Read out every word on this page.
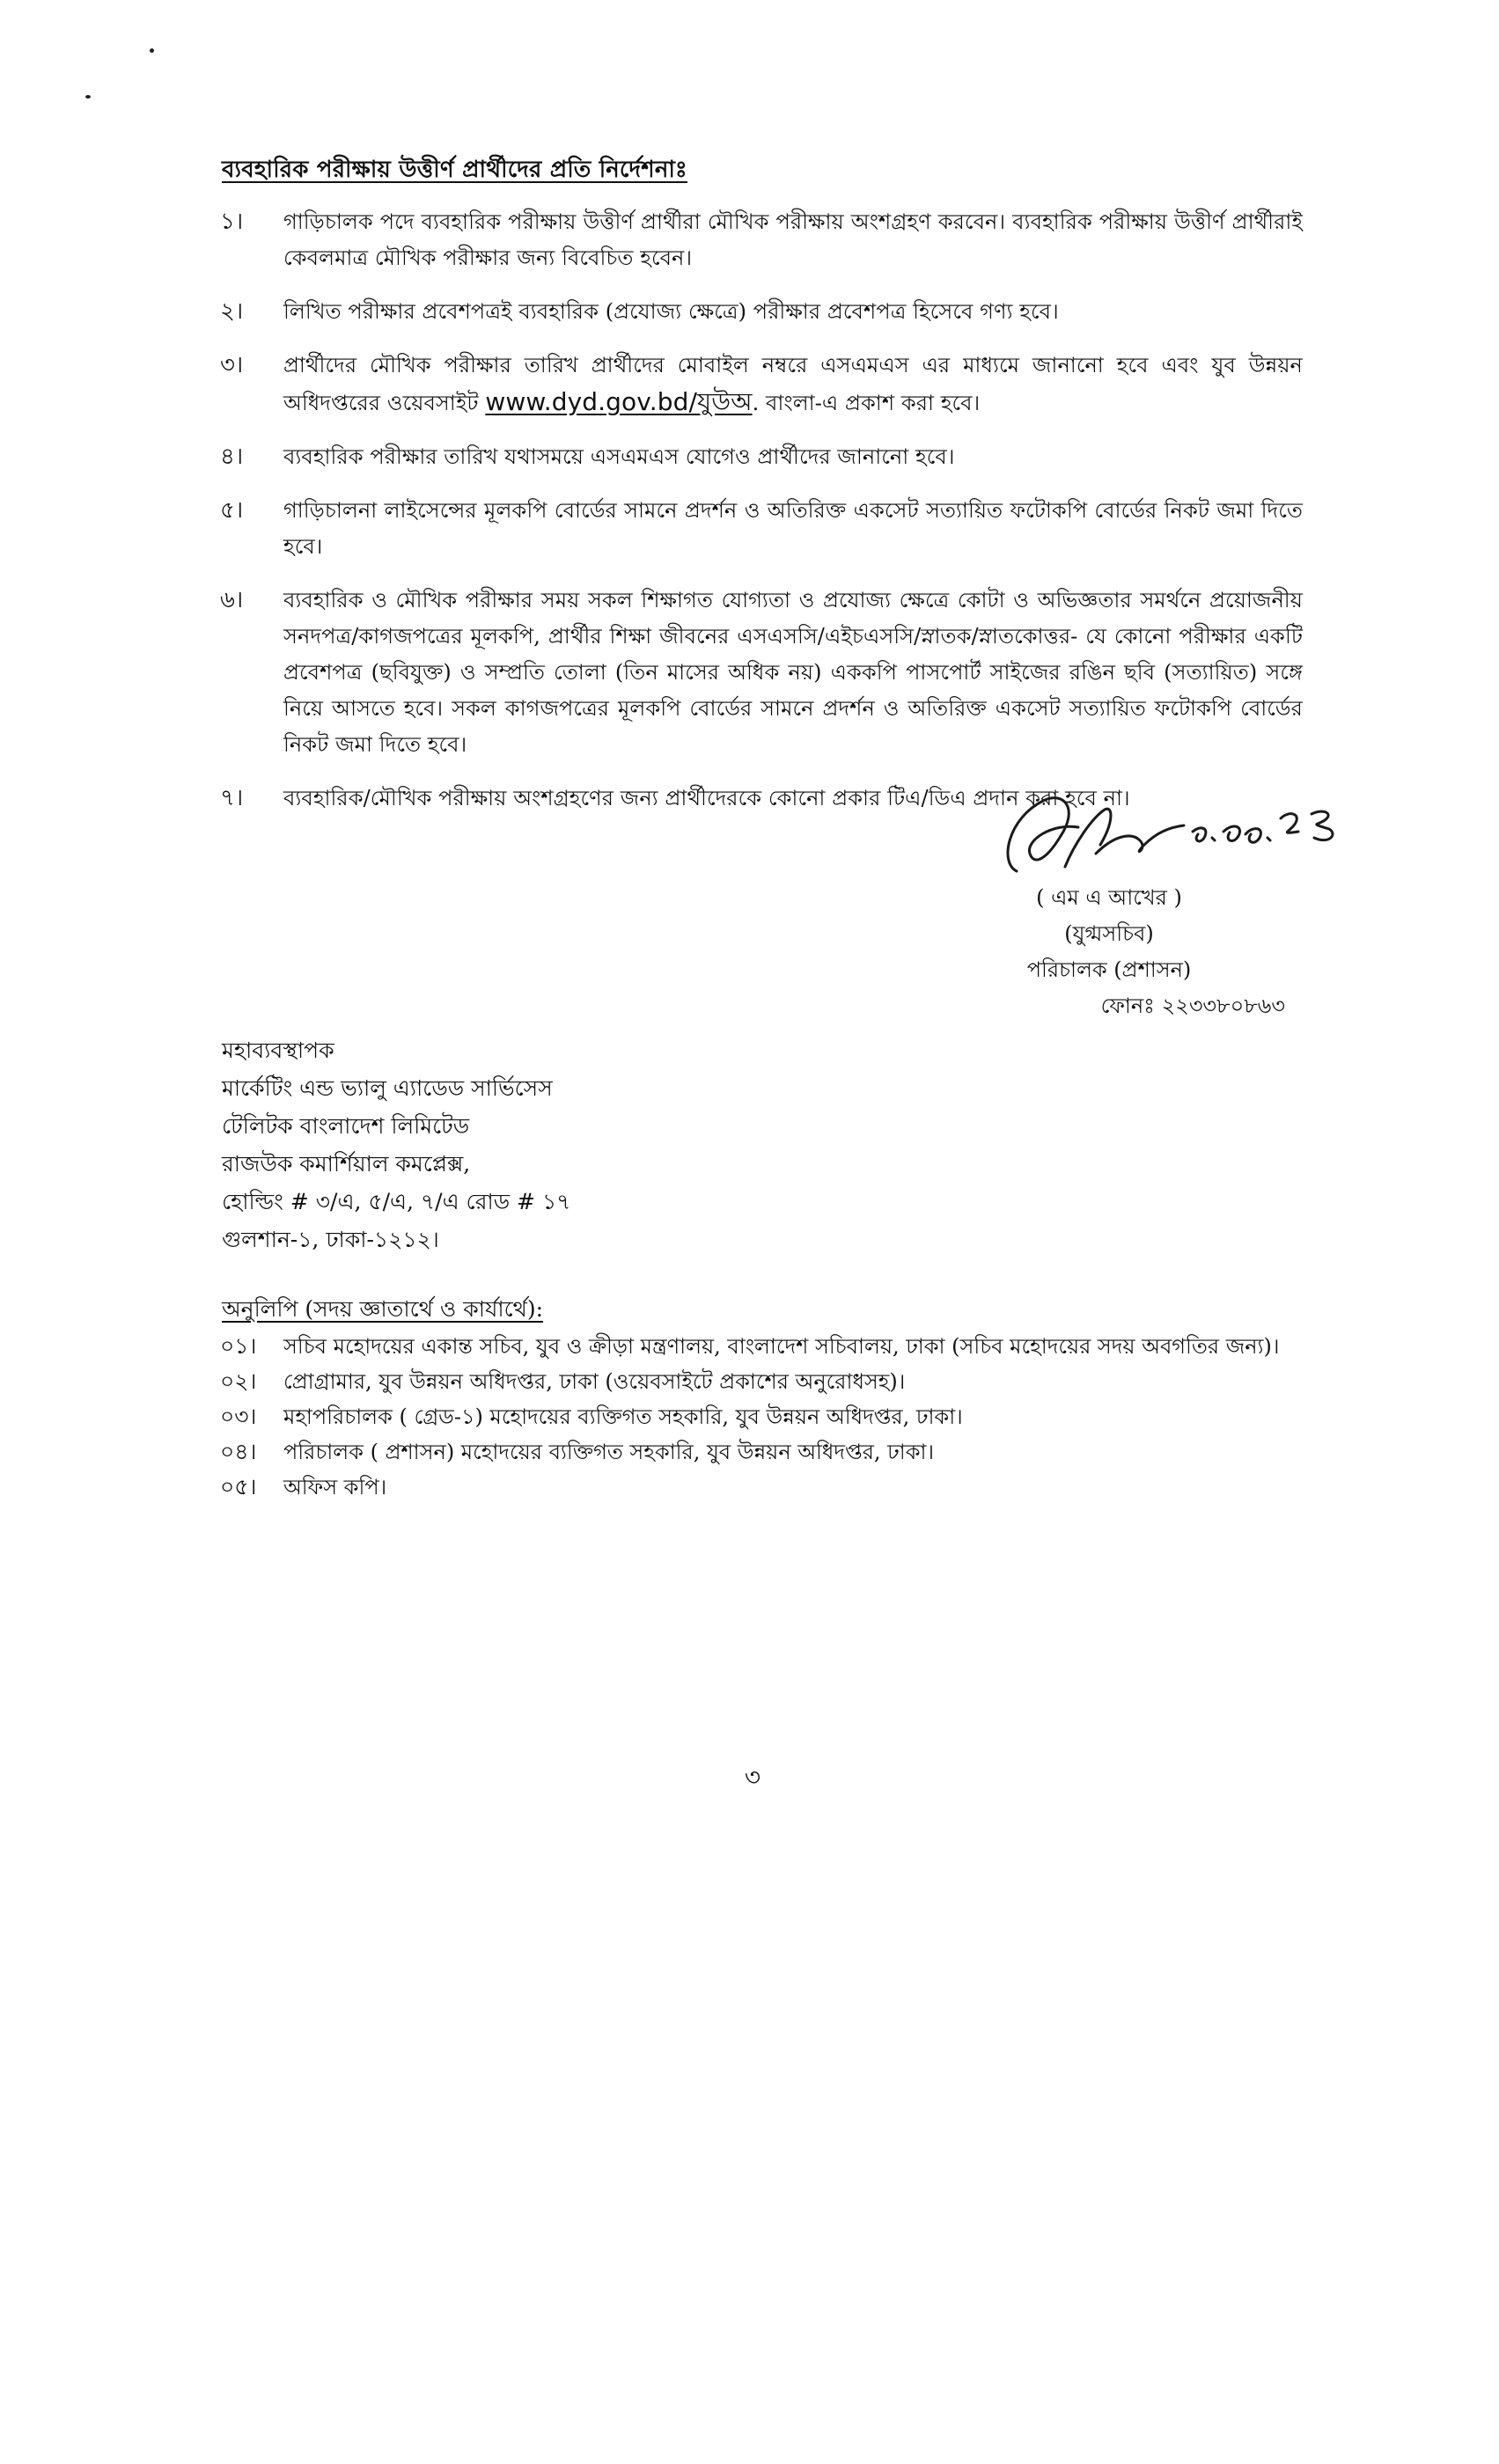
ব্যবহারিক পরীক্ষায় উত্তীর্ণ প্রার্থীদের প্রতি নির্দেশনাঃ
১।	গাড়িচালক পদে ব্যবহারিক পরীক্ষায় উত্তীর্ণ প্রার্থীরা মৌখিক পরীক্ষায় অংশগ্রহণ করবেন। ব্যবহারিক পরীক্ষায় উত্তীর্ণ প্রার্থীরাই কেবলমাত্র মৌখিক পরীক্ষার জন্য বিবেচিত হবেন।
২।	লিখিত পরীক্ষার প্রবেশপত্রই ব্যবহারিক (প্রযোজ্য ক্ষেত্রে) পরীক্ষার প্রবেশপত্র হিসেবে গণ্য হবে।
৩।	প্রার্থীদের মৌখিক পরীক্ষার তারিখ প্রার্থীদের মোবাইল নম্বরে এসএমএস এর মাধ্যমে জানানো হবে এবং যুব উন্নয়ন অধিদপ্তরের ওয়েবসাইট www.dyd.gov.bd/যুউঅ. বাংলা-এ প্রকাশ করা হবে।
৪।	ব্যবহারিক পরীক্ষার তারিখ যথাসময়ে এসএমএস যোগেও প্রার্থীদের জানানো হবে।
৫।	গাড়িচালনা লাইসেন্সের মূলকপি বোর্ডের সামনে প্রদর্শন ও অতিরিক্ত একসেট সত্যায়িত ফটোকপি বোর্ডের নিকট জমা দিতে হবে।
৬।	ব্যবহারিক ও মৌখিক পরীক্ষার সময় সকল শিক্ষাগত যোগ্যতা ও প্রযোজ্য ক্ষেত্রে কোটা ও অভিজ্ঞতার সমর্থনে প্রয়োজনীয় সনদপত্র/কাগজপত্রের মূলকপি, প্রার্থীর শিক্ষা জীবনের এসএসসি/এইচএসসি/স্নাতক/স্নাতকোত্তর- যে কোনো পরীক্ষার একটি প্রবেশপত্র (ছবিযুক্ত) ও সম্প্রতি তোলা (তিন মাসের অধিক নয়) এককপি পাসপোর্ট সাইজের রঙিন ছবি (সত্যায়িত) সঙ্গে নিয়ে আসতে হবে। সকল কাগজপত্রের মূলকপি বোর্ডের সামনে প্রদর্শন ও অতিরিক্ত একসেট সত্যায়িত ফটোকপি বোর্ডের নিকট জমা দিতে হবে।
৭।	ব্যবহারিক/মৌখিক পরীক্ষায় অংশগ্রহণের জন্য প্রার্থীদেরকে কোনো প্রকার টিএ/ডিএ প্রদান করা হবে না।
( এম এ আখের )
(যুগ্মসচিব)
পরিচালক (প্রশাসন)
ফোনঃ ২২৩৩৮০৮৬৩
মহাব্যবস্থাপক
মার্কেটিং এন্ড ভ্যালু এ্যাডেড সার্ভিসেস
টেলিটক বাংলাদেশ লিমিটেড
রাজউক কমার্শিয়াল কমপ্লেক্স,
হোল্ডিং # ৩/এ, ৫/এ, ৭/এ রোড # ১৭
গুলশান-১, ঢাকা-১২১২।
অনুলিপি (সদয় জ্ঞাতার্থে ও কার্যার্থে):
০১।	সচিব মহোদয়ের একান্ত সচিব, যুব ও ক্রীড়া মন্ত্রণালয়, বাংলাদেশ সচিবালয়, ঢাকা (সচিব মহোদয়ের সদয় অবগতির জন্য)।
০২।	প্রোগ্রামার, যুব উন্নয়ন অধিদপ্তর, ঢাকা (ওয়েবসাইটে প্রকাশের অনুরোধসহ)।
০৩।	মহাপরিচালক ( গ্রেড-১) মহোদয়ের ব্যক্তিগত সহকারি, যুব উন্নয়ন অধিদপ্তর, ঢাকা।
০৪।	পরিচালক ( প্রশাসন) মহোদয়ের ব্যক্তিগত সহকারি, যুব উন্নয়ন অধিদপ্তর, ঢাকা।
০৫।	অফিস কপি।
৩
